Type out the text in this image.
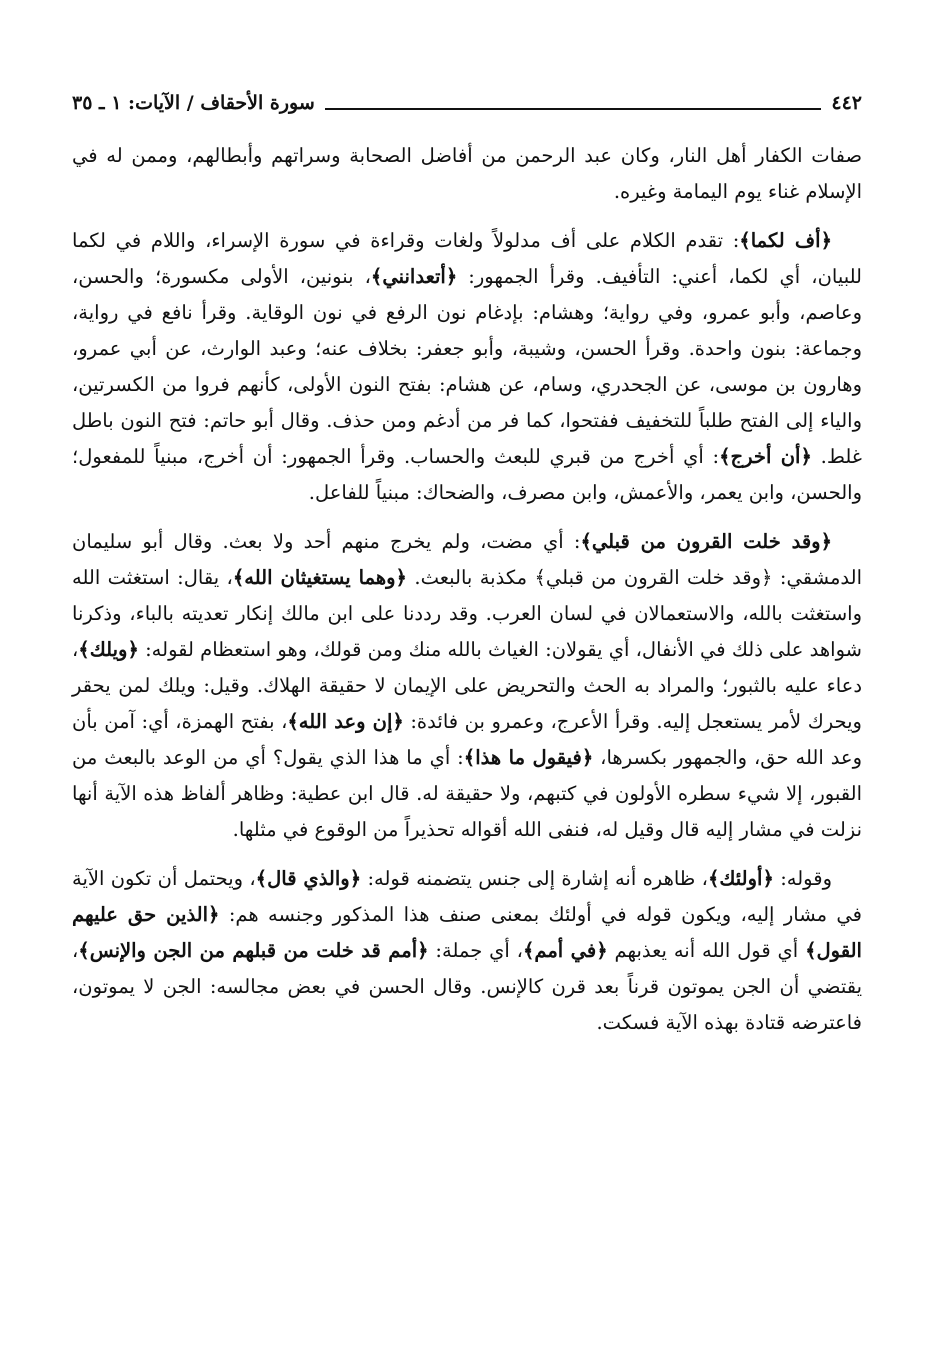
٤٤٢
سورة الأحقاف / الآيات: ١ ـ ٣٥

صفات الكفار أهل النار، وكان عبد الرحمن من أفاضل الصحابة وسراتهم وأبطالهم، وممن له في الإسلام غناء يوم اليمامة وغيره.

﴿أف لكما﴾: تقدم الكلام على أف مدلولاً ولغات وقراءة في سورة الإسراء، واللام في لكما للبيان، أي لكما، أعني: التأفيف. وقرأ الجمهور: ﴿أتعدانني﴾، بنونين، الأولى مكسورة؛ والحسن، وعاصم، وأبو عمرو، وفي رواية؛ وهشام: بإدغام نون الرفع في نون الوقاية. وقرأ نافع في رواية، وجماعة: بنون واحدة. وقرأ الحسن، وشيبة، وأبو جعفر: بخلاف عنه؛ وعبد الوارث، عن أبي عمرو، وهارون بن موسى، عن الجحدري، وسام، عن هشام: بفتح النون الأولى، كأنهم فروا من الكسرتين، والياء إلى الفتح طلباً للتخفيف ففتحوا، كما فر من أدغم ومن حذف. وقال أبو حاتم: فتح النون باطل غلط. ﴿أن أخرج﴾: أي أخرج من قبري للبعث والحساب. وقرأ الجمهور: أن أخرج، مبنياً للمفعول؛ والحسن، وابن يعمر، والأعمش، وابن مصرف، والضحاك: مبنياً للفاعل.

﴿وقد خلت القرون من قبلي﴾: أي مضت، ولم يخرج منهم أحد ولا بعث. وقال أبو سليمان الدمشقي: ﴿وقد خلت القرون من قبلي﴾ مكذبة بالبعث. ﴿وهما يستغيثان الله﴾، يقال: استغثت الله واستغثت بالله، والاستعمالان في لسان العرب. وقد رددنا على ابن مالك إنكار تعديته بالباء، وذكرنا شواهد على ذلك في الأنفال، أي يقولان: الغياث بالله منك ومن قولك، وهو استعظام لقوله: ﴿ويلك﴾، دعاء عليه بالثبور؛ والمراد به الحث والتحريض على الإيمان لا حقيقة الهلاك. وقيل: ويلك لمن يحقر ويحرك لأمر يستعجل إليه. وقرأ الأعرج، وعمرو بن فائدة: ﴿إن وعد الله﴾، بفتح الهمزة، أي: آمن بأن وعد الله حق، والجمهور بكسرها، ﴿فيقول ما هذا﴾: أي ما هذا الذي يقول؟ أي من الوعد بالبعث من القبور، إلا شيء سطره الأولون في كتبهم، ولا حقيقة له. قال ابن عطية: وظاهر ألفاظ هذه الآية أنها نزلت في مشار إليه قال وقيل له، فنفى الله أقواله تحذيراً من الوقوع في مثلها.

وقوله: ﴿أولئك﴾، ظاهره أنه إشارة إلى جنس يتضمنه قوله: ﴿والذي قال﴾، ويحتمل أن تكون الآية في مشار إليه، ويكون قوله في أولئك بمعنى صنف هذا المذكور وجنسه هم: ﴿الذين حق عليهم القول﴾ أي قول الله أنه يعذبهم ﴿في أمم﴾، أي جملة: ﴿أمم قد خلت من قبلهم من الجن والإنس﴾، يقتضي أن الجن يموتون قرناً بعد قرن كالإنس. وقال الحسن في بعض مجالسه: الجن لا يموتون، فاعترضه قتادة بهذه الآية فسكت.
